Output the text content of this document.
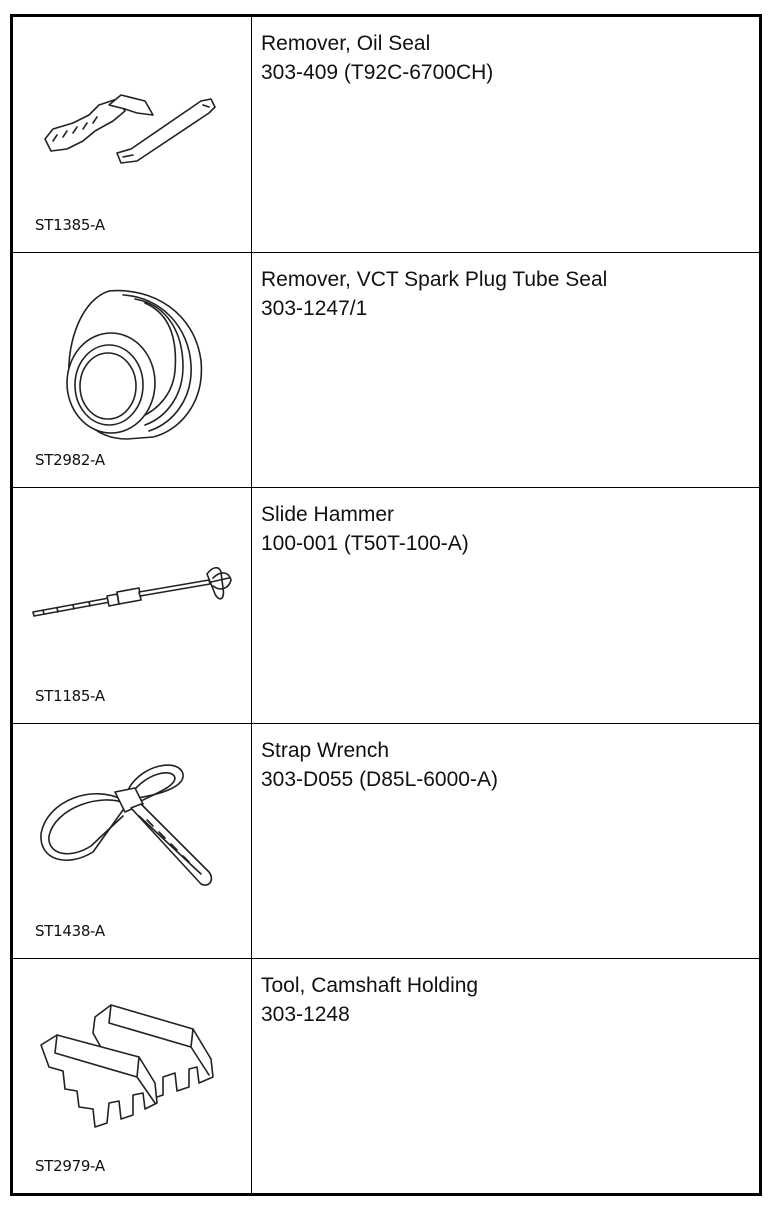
ST1385-A
Remover, Oil Seal
303-409 (T92C-6700CH)
ST2982-A
Remover, VCT Spark Plug Tube Seal
303-1247/1
ST1185-A
Slide Hammer
100-001 (T50T-100-A)
ST1438-A
Strap Wrench
303-D055 (D85L-6000-A)
ST2979-A
Tool, Camshaft Holding
303-1248
